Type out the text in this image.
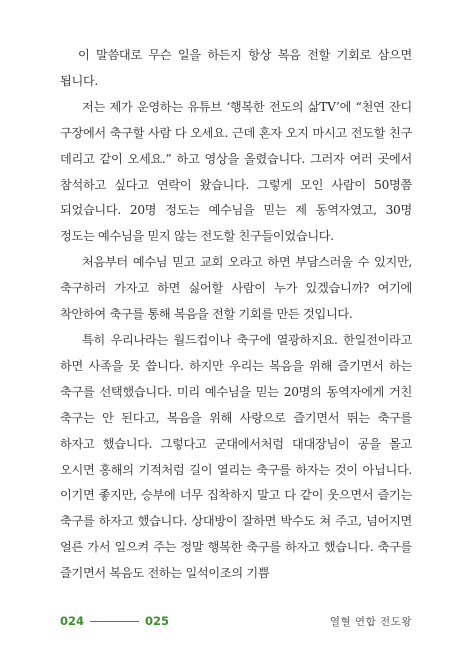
이 말씀대로 무슨 일을 하든지 항상 복음 전할 기회로 삼으면 됩니다.

저는 제가 운영하는 유튜브 ‘행복한 전도의 삶TV’에 “천연 잔디 구장에서 축구할 사람 다 오세요. 근데 혼자 오지 마시고 전도할 친구 데리고 같이 오세요.” 하고 영상을 올렸습니다. 그러자 여러 곳에서 참석하고 싶다고 연락이 왔습니다. 그렇게 모인 사람이 50명쯤 되었습니다. 20명 정도는 예수님을 믿는 제 동역자였고, 30명 정도는 예수님을 믿지 않는 전도할 친구들이었습니다.

처음부터 예수님 믿고 교회 오라고 하면 부담스러울 수 있지만, 축구하러 가자고 하면 싫어할 사람이 누가 있겠습니까? 여기에 착안하여 축구를 통해 복음을 전할 기회를 만든 것입니다.

특히 우리나라는 월드컵이나 축구에 열광하지요. 한일전이라고 하면 사족을 못 씁니다. 하지만 우리는 복음을 위해 즐기면서 하는 축구를 선택했습니다. 미리 예수님을 믿는 20명의 동역자에게 거친 축구는 안 된다고, 복음을 위해 사랑으로 즐기면서 뛰는 축구를 하자고 했습니다. 그렇다고 군대에서처럼 대대장님이 공을 몰고 오시면 홍해의 기적처럼 길이 열리는 축구를 하자는 것이 아닙니다. 이기면 좋지만, 승부에 너무 집착하지 말고 다 같이 웃으면서 즐기는 축구를 하자고 했습니다. 상대방이 잘하면 박수도 쳐 주고, 넘어지면 얼른 가서 일으켜 주는 정말 행복한 축구를 하자고 했습니다. 축구를 즐기면서 복음도 전하는 일석이조의 기쁨

024	025	열혈 연합 전도왕
